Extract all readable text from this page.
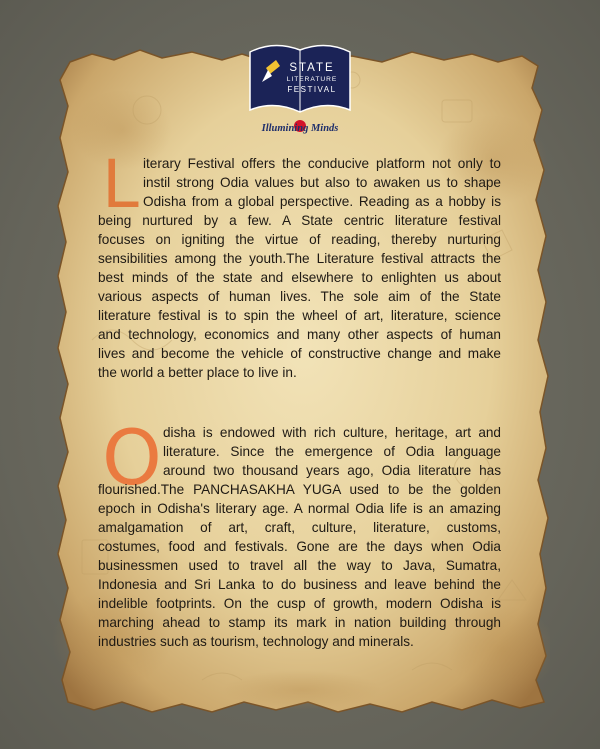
STATE
LITERATURE
FESTIVAL
Illumining Minds
L iterary Festival offers the conducive platform not only to
instil strong Odia values but also to awaken us to shape
Odisha from a global perspective. Reading as a hobby is
being nurtured by a few. A State centric literature festival
focuses on igniting the virtue of reading, thereby nurturing
sensibilities among the youth.The Literature festival attracts the
best minds of the state and elsewhere to enlighten us about
various aspects of human lives. The sole aim of the State
literature festival is to spin the wheel of art, literature, science
and technology, economics and many other aspects of human
lives and become the vehicle of constructive change and make
the world a better place to live in.
O disha is endowed with rich culture, heritage, art and
literature. Since the emergence of Odia language
around two thousand years ago, Odia literature has
flourished.The PANCHASAKHA YUGA used to be the golden
epoch in Odisha's literary age. A normal Odia life is an amazing
amalgamation of art, craft, culture, literature, customs,
costumes, food and festivals. Gone are the days when Odia
businessmen used to travel all the way to Java, Sumatra,
Indonesia and Sri Lanka to do business and leave behind the
indelible footprints. On the cusp of growth, modern Odisha is
marching ahead to stamp its mark in nation building through
industries such as tourism, technology and minerals.
